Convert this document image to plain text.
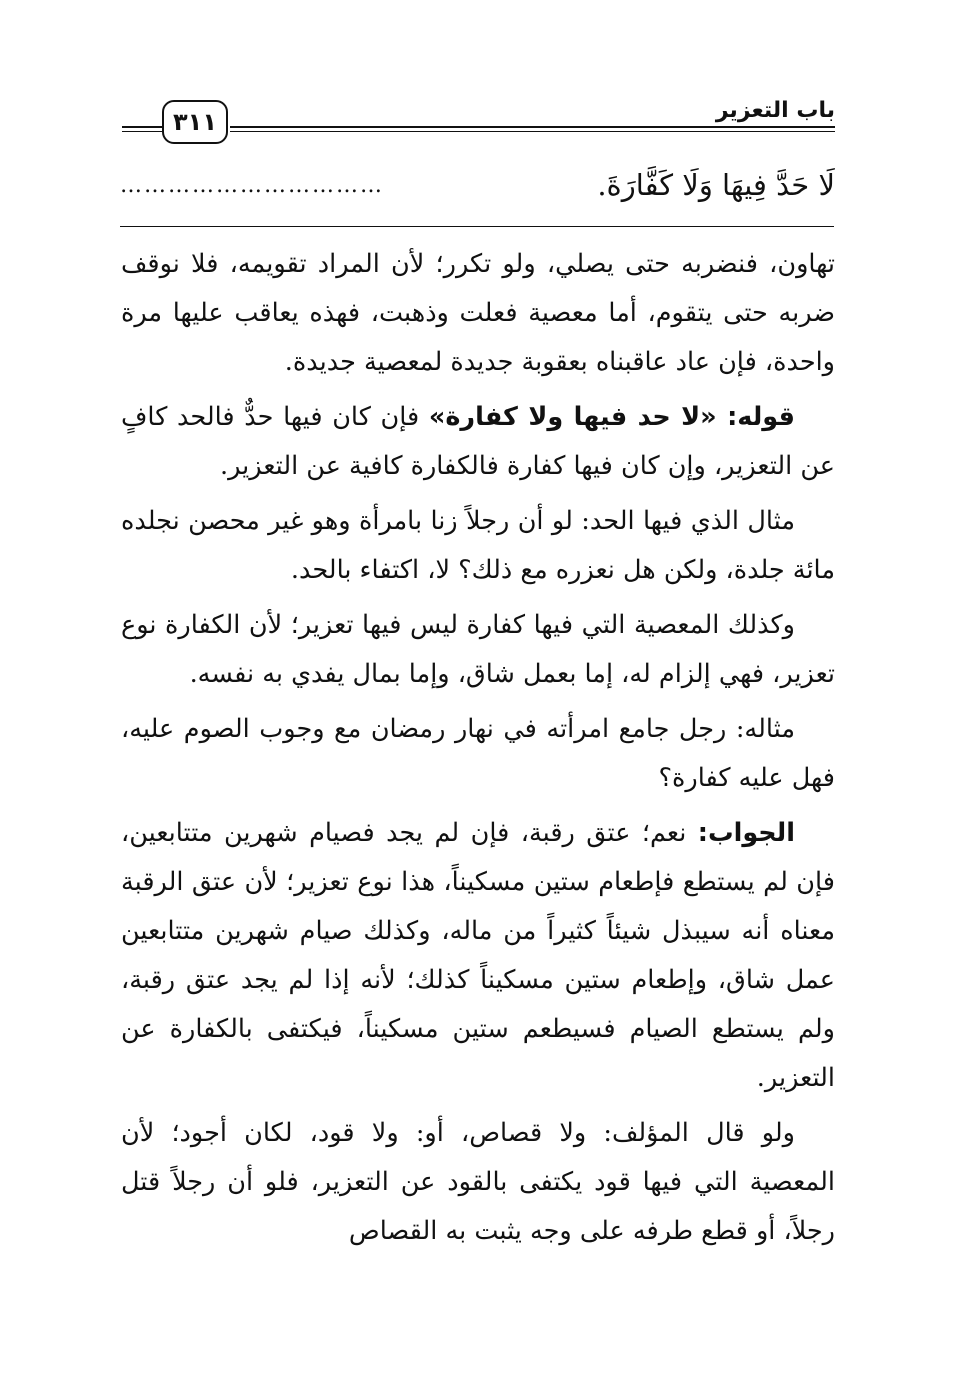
باب التعزير
٣١١
لَا حَدَّ فِيهَا وَلَا كَفَّارَةَ.
……………………………

تهاون، فنضربه حتى يصلي، ولو تكرر؛ لأن المراد تقويمه، فلا نوقف ضربه حتى يتقوم، أما معصية فعلت وذهبت، فهذه يعاقب عليها مرة واحدة، فإن عاد عاقبناه بعقوبة جديدة لمعصية جديدة.

قوله: «لا حد فيها ولا كفارة» فإن كان فيها حدٌّ فالحد كافٍ عن التعزير، وإن كان فيها كفارة فالكفارة كافية عن التعزير.

مثال الذي فيها الحد: لو أن رجلاً زنا بامرأة وهو غير محصن نجلده مائة جلدة، ولكن هل نعزره مع ذلك؟ لا، اكتفاء بالحد.

وكذلك المعصية التي فيها كفارة ليس فيها تعزير؛ لأن الكفارة نوع تعزير، فهي إلزام له، إما بعمل شاق، وإما بمال يفدي به نفسه.

مثاله: رجل جامع امرأته في نهار رمضان مع وجوب الصوم عليه، فهل عليه كفارة؟

الجواب: نعم؛ عتق رقبة، فإن لم يجد فصيام شهرين متتابعين، فإن لم يستطع فإطعام ستين مسكيناً، هذا نوع تعزير؛ لأن عتق الرقبة معناه أنه سيبذل شيئاً كثيراً من ماله، وكذلك صيام شهرين متتابعين عمل شاق، وإطعام ستين مسكيناً كذلك؛ لأنه إذا لم يجد عتق رقبة، ولم يستطع الصيام فسيطعم ستين مسكيناً، فيكتفى بالكفارة عن التعزير.

ولو قال المؤلف: ولا قصاص، أو: ولا قود، لكان أجود؛ لأن المعصية التي فيها قود يكتفى بالقود عن التعزير، فلو أن رجلاً قتل رجلاً، أو قطع طرفه على وجه يثبت به القصاص
